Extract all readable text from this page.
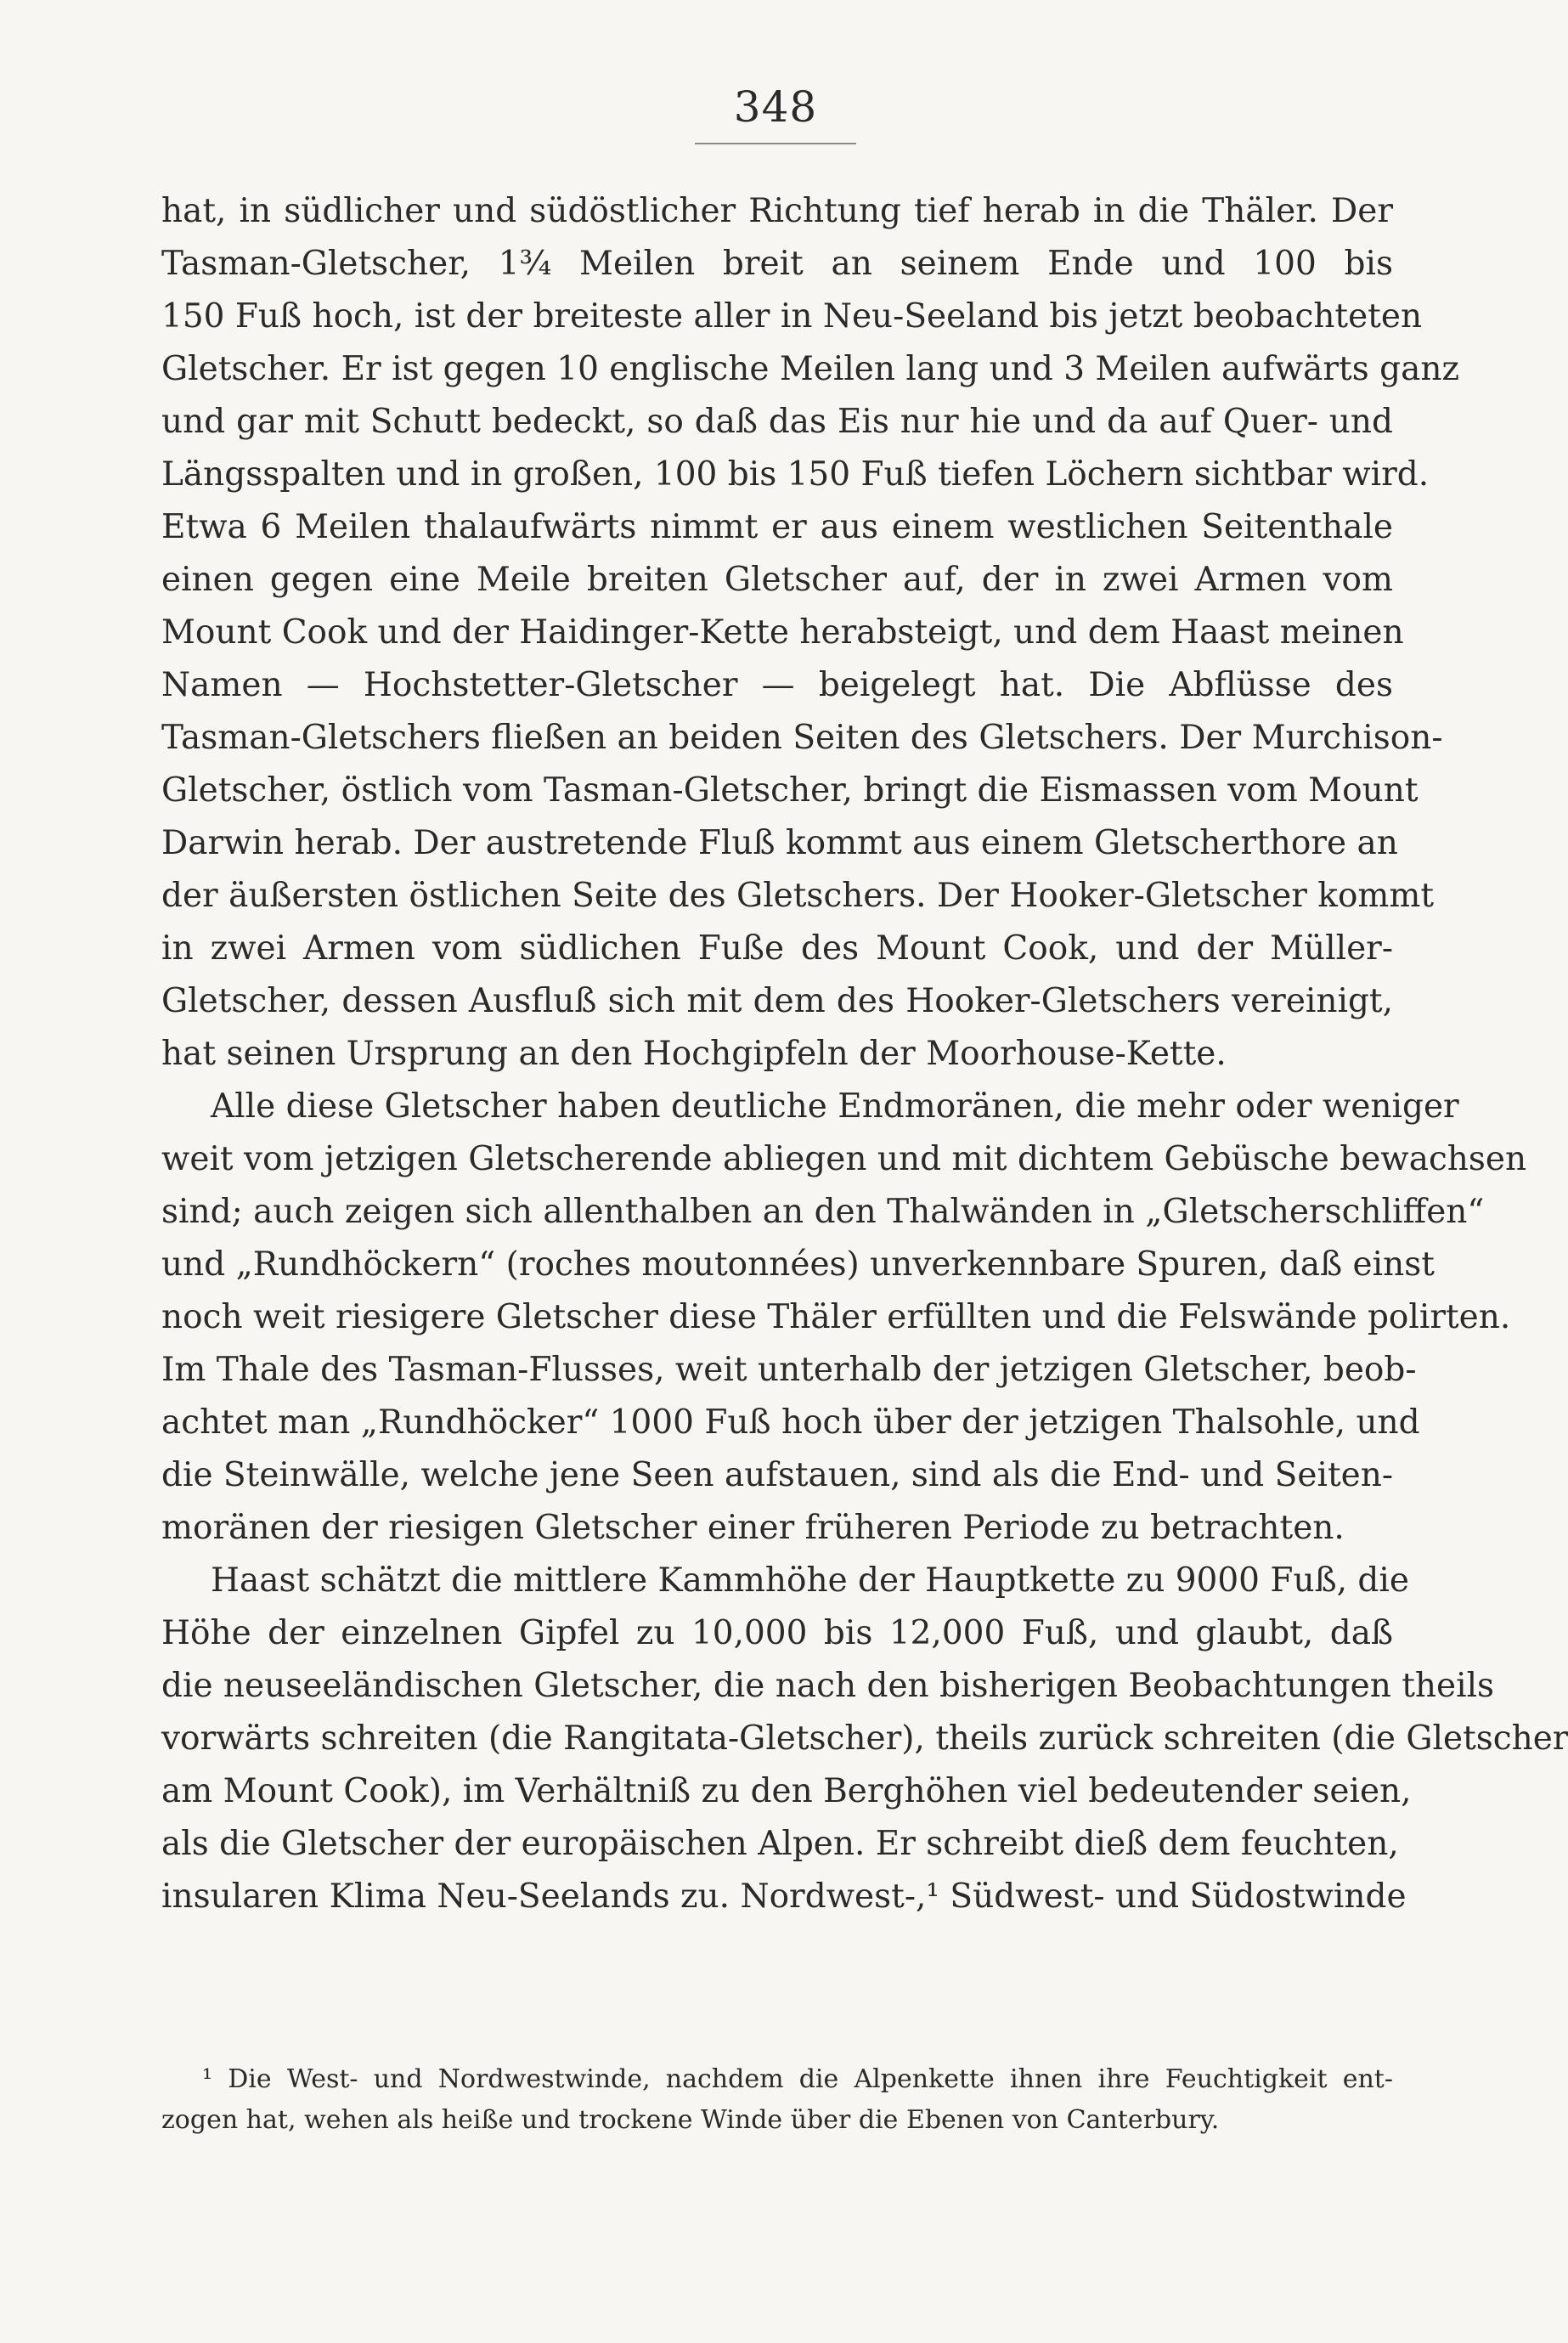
348
hat, in südlicher und südöstlicher Richtung tief herab in die Thäler. Der
Tasman-Gletscher, 1¾ Meilen breit an seinem Ende und 100 bis
150 Fuß hoch, ist der breiteste aller in Neu-Seeland bis jetzt beobachteten
Gletscher. Er ist gegen 10 englische Meilen lang und 3 Meilen aufwärts ganz
und gar mit Schutt bedeckt, so daß das Eis nur hie und da auf Quer- und
Längsspalten und in großen, 100 bis 150 Fuß tiefen Löchern sichtbar wird.
Etwa 6 Meilen thalaufwärts nimmt er aus einem westlichen Seitenthale
einen gegen eine Meile breiten Gletscher auf, der in zwei Armen vom
Mount Cook und der Haidinger-Kette herabsteigt, und dem Haast meinen
Namen — Hochstetter-Gletscher — beigelegt hat. Die Abflüsse des
Tasman-Gletschers fließen an beiden Seiten des Gletschers. Der Murchison-
Gletscher, östlich vom Tasman-Gletscher, bringt die Eismassen vom Mount
Darwin herab. Der austretende Fluß kommt aus einem Gletscherthore an
der äußersten östlichen Seite des Gletschers. Der Hooker-Gletscher kommt
in zwei Armen vom südlichen Fuße des Mount Cook, und der Müller-
Gletscher, dessen Ausfluß sich mit dem des Hooker-Gletschers vereinigt,
hat seinen Ursprung an den Hochgipfeln der Moorhouse-Kette.
Alle diese Gletscher haben deutliche Endmoränen, die mehr oder weniger
weit vom jetzigen Gletscherende abliegen und mit dichtem Gebüsche bewachsen
sind; auch zeigen sich allenthalben an den Thalwänden in „Gletscherschliffen“
und „Rundhöckern“ (roches moutonnées) unverkennbare Spuren, daß einst
noch weit riesigere Gletscher diese Thäler erfüllten und die Felswände polirten.
Im Thale des Tasman-Flusses, weit unterhalb der jetzigen Gletscher, beob-
achtet man „Rundhöcker“ 1000 Fuß hoch über der jetzigen Thalsohle, und
die Steinwälle, welche jene Seen aufstauen, sind als die End- und Seiten-
moränen der riesigen Gletscher einer früheren Periode zu betrachten.
Haast schätzt die mittlere Kammhöhe der Hauptkette zu 9000 Fuß, die
Höhe der einzelnen Gipfel zu 10,000 bis 12,000 Fuß, und glaubt, daß
die neuseeländischen Gletscher, die nach den bisherigen Beobachtungen theils
vorwärts schreiten (die Rangitata-Gletscher), theils zurück schreiten (die Gletscher
am Mount Cook), im Verhältniß zu den Berghöhen viel bedeutender seien,
als die Gletscher der europäischen Alpen. Er schreibt dieß dem feuchten,
insularen Klima Neu-Seelands zu. Nordwest-,¹ Südwest- und Südostwinde
¹ Die West- und Nordwestwinde, nachdem die Alpenkette ihnen ihre Feuchtigkeit ent-
zogen hat, wehen als heiße und trockene Winde über die Ebenen von Canterbury.
